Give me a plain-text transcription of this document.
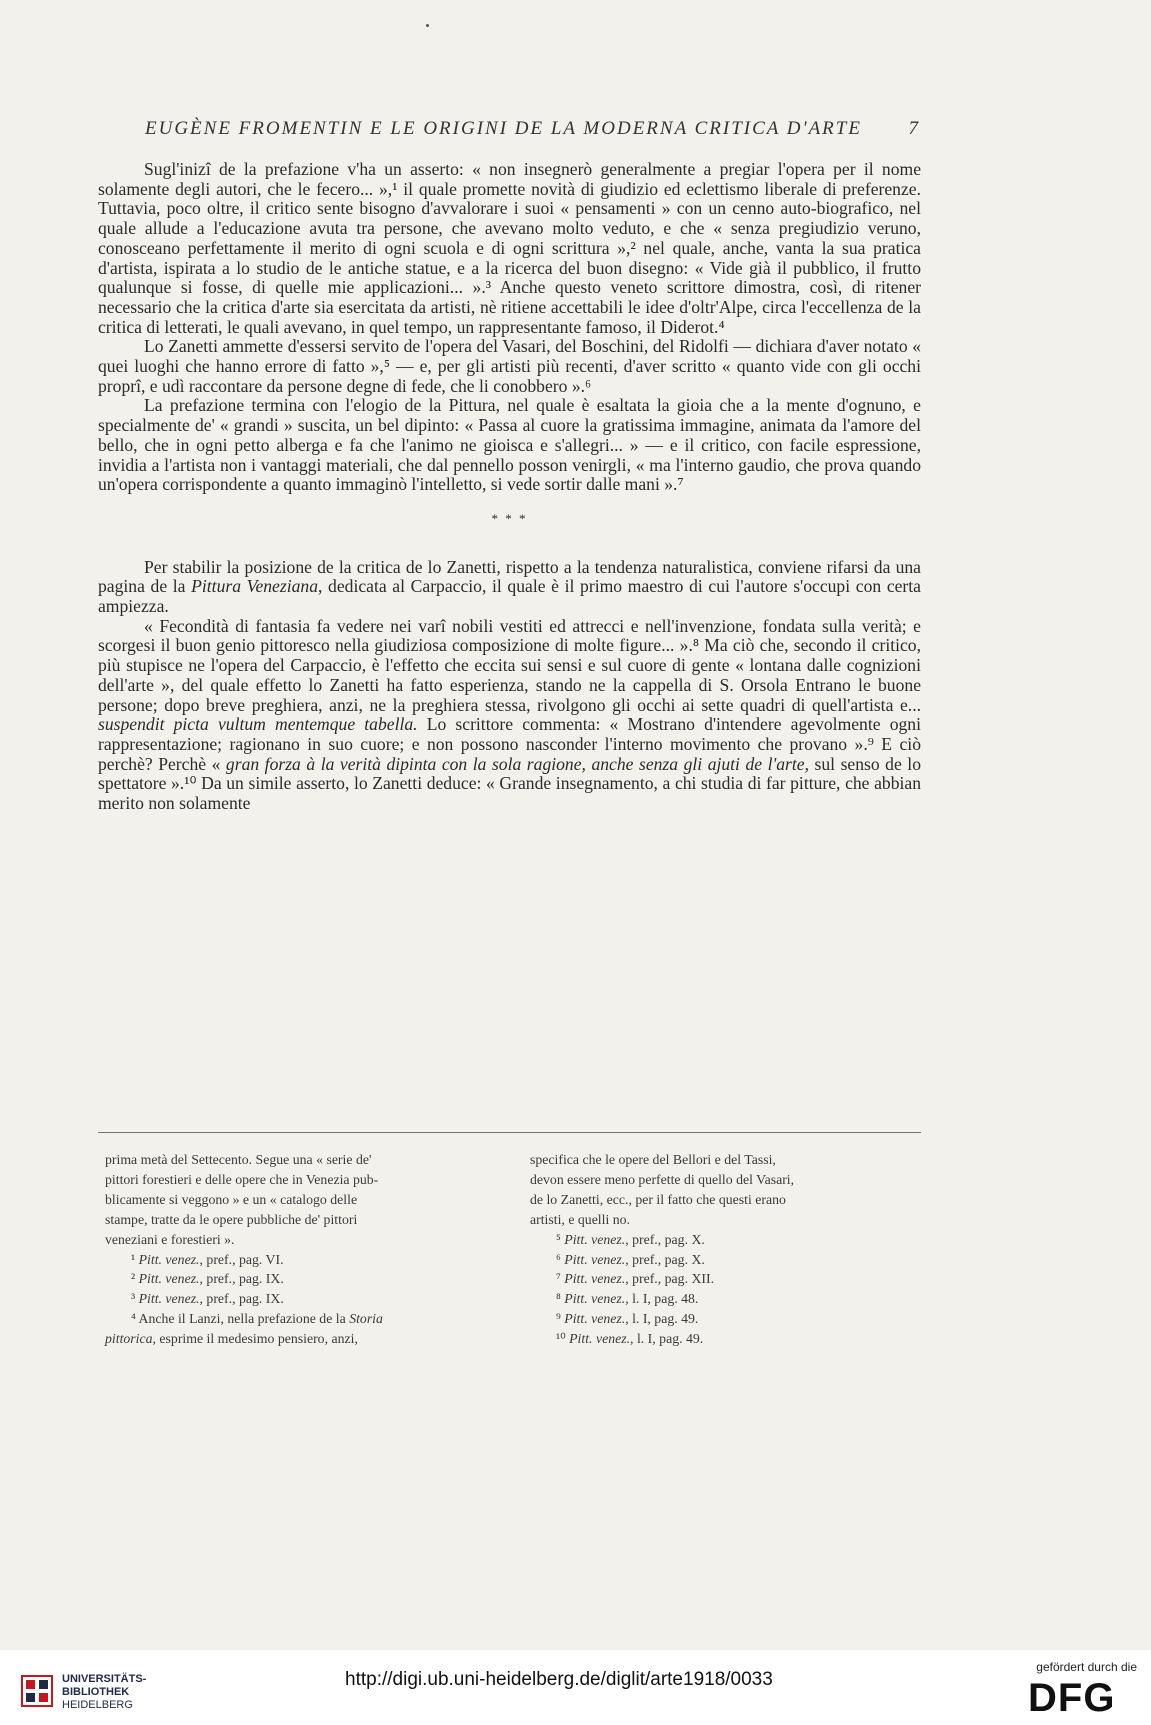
EUGÈNE FROMENTIN E LE ORIGINI DE LA MODERNA CRITICA D'ARTE 7

Sugl'inizî de la prefazione v'ha un asserto: « non insegnerò generalmente a pregiar l'opera per il nome solamente degli autori, che le fecero... »,¹ il quale promette novità di giudizio ed eclettismo liberale di preferenze. Tuttavia, poco oltre, il critico sente bisogno d'avvalorare i suoi « pensamenti » con un cenno auto-biografico, nel quale allude a l'educazione avuta tra persone, che avevano molto veduto, e che « senza pregiudizio veruno, conosceano perfettamente il merito di ogni scuola e di ogni scrittura »,² nel quale, anche, vanta la sua pratica d'artista, ispirata a lo studio de le antiche statue, e a la ricerca del buon disegno: « Vide già il pubblico, il frutto qualunque si fosse, di quelle mie applicazioni... ».³ Anche questo veneto scrittore dimostra, così, di ritener necessario che la critica d'arte sia esercitata da artisti, nè ritiene accettabili le idee d'oltr'Alpe, circa l'eccellenza de la critica di letterati, le quali avevano, in quel tempo, un rappresentante famoso, il Diderot.⁴

Lo Zanetti ammette d'essersi servito de l'opera del Vasari, del Boschini, del Ridolfi — dichiara d'aver notato « quei luoghi che hanno errore di fatto »,⁵ — e, per gli artisti più recenti, d'aver scritto « quanto vide con gli occhi proprî, e udì raccontare da persone degne di fede, che li conobbero ».⁶

La prefazione termina con l'elogio de la Pittura, nel quale è esaltata la gioia che a la mente d'ognuno, e specialmente de' « grandi » suscita, un bel dipinto: « Passa al cuore la gratissima immagine, animata da l'amore del bello, che in ogni petto alberga e fa che l'animo ne gioisca e s'allegri... » — e il critico, con facile espressione, invidia a l'artista non i vantaggi materiali, che dal pennello posson venirgli, « ma l'interno gaudio, che prova quando un'opera corrispondente a quanto immaginò l'intelletto, si vede sortir dalle mani ».⁷

* * *

Per stabilir la posizione de la critica de lo Zanetti, rispetto a la tendenza naturalistica, conviene rifarsi da una pagina de la Pittura Veneziana, dedicata al Carpaccio, il quale è il primo maestro di cui l'autore s'occupi con certa ampiezza.

« Fecondità di fantasia fa vedere nei varî nobili vestiti ed attrecci e nell'invenzione, fondata sulla verità; e scorgesi il buon genio pittoresco nella giudiziosa composizione di molte figure... ».⁸ Ma ciò che, secondo il critico, più stupisce ne l'opera del Carpaccio, è l'effetto che eccita sui sensi e sul cuore di gente « lontana dalle cognizioni dell'arte », del quale effetto lo Zanetti ha fatto esperienza, stando ne la cappella di S. Orsola Entrano le buone persone; dopo breve preghiera, anzi, ne la preghiera stessa, rivolgono gli occhi ai sette quadri di quell'artista e... suspendit picta vultum mentemque tabella. Lo scrittore commenta: « Mostrano d'intendere agevolmente ogni rappresentazione; ragionano in suo cuore; e non possono nasconder l'interno movimento che provano ».⁹ E ciò perchè? Perchè « gran forza à la verità dipinta con la sola ragione, anche senza gli ajuti de l'arte, sul senso de lo spettatore ».¹⁰ Da un simile asserto, lo Zanetti deduce: « Grande insegnamento, a chi studia di far pitture, che abbian merito non solamente

prima metà del Settecento. Segue una « serie de'
pittori forestieri e delle opere che in Venezia pub-
blicamente si veggono » e un « catalogo delle
stampe, tratte da le opere pubbliche de' pittori
veneziani e forestieri ».
¹ Pitt. venez., pref., pag. VI.
² Pitt. venez., pref., pag. IX.
³ Pitt. venez., pref., pag. IX.
⁴ Anche il Lanzi, nella prefazione de la Storia
pittorica, esprime il medesimo pensiero, anzi,
specifica che le opere del Bellori e del Tassi,
devon essere meno perfette di quello del Vasari,
de lo Zanetti, ecc., per il fatto che questi erano
artisti, e quelli no.
⁵ Pitt. venez., pref., pag. X.
⁶ Pitt. venez., pref., pag. X.
⁷ Pitt. venez., pref., pag. XII.
⁸ Pitt. venez., l. I, pag. 48.
⁹ Pitt. venez., l. I, pag. 49.
¹⁰ Pitt. venez., l. I, pag. 49.
UNIVERSITÄTS-
BIBLIOTHEK
HEIDELBERG
http://digi.ub.uni-heidelberg.de/diglit/arte1918/0033
gefördert durch die
DFG
